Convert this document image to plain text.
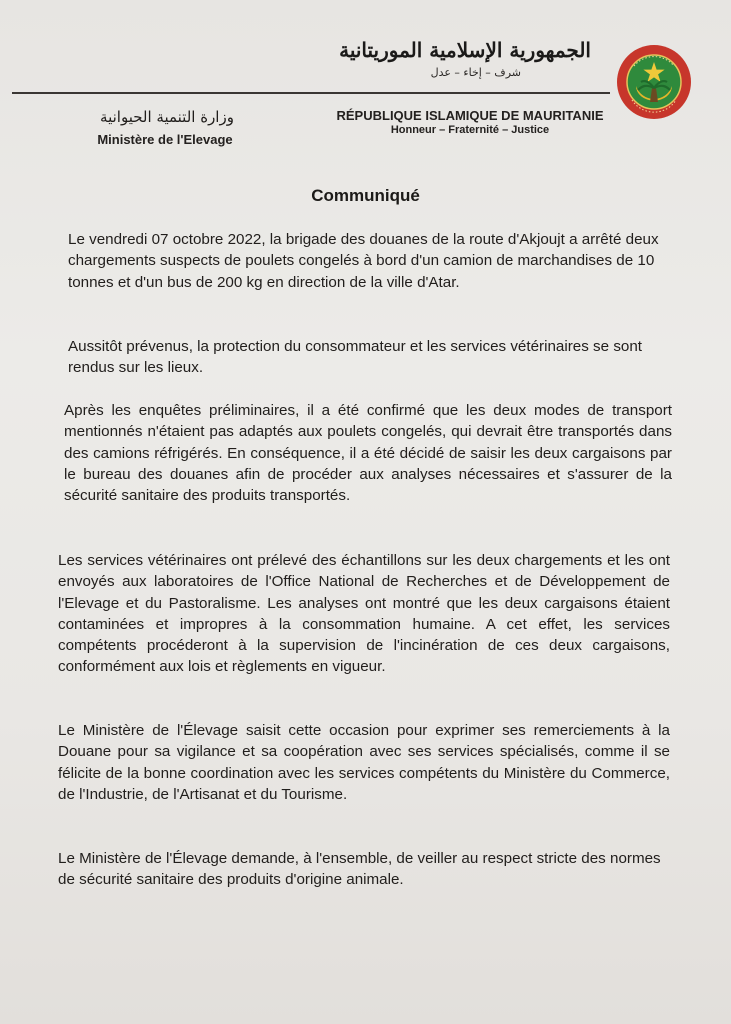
الجمهورية الإسلامية الموريتانية
شرف – إخاء – عدل
وزارة التنمية الحيوانية
Ministère de l'Elevage
RÉPUBLIQUE ISLAMIQUE DE MAURITANIE
Honneur – Fraternité – Justice
Communiqué

Le vendredi 07 octobre 2022, la brigade des douanes de la route d'Akjoujt a arrêté deux chargements suspects de poulets congelés à bord d'un camion de marchandises de 10 tonnes et d'un bus de 200 kg en direction de la ville d'Atar.

Aussitôt prévenus, la protection du consommateur et les services vétérinaires se sont rendus sur les lieux.

Après les enquêtes préliminaires, il a été confirmé que les deux modes de transport mentionnés n'étaient pas adaptés aux poulets congelés, qui devrait être transportés dans des camions réfrigérés. En conséquence, il a été décidé de saisir les deux cargaisons par le bureau des douanes afin de procéder aux analyses nécessaires et s'assurer de la sécurité sanitaire des produits transportés.

Les services vétérinaires ont prélevé des échantillons sur les deux chargements et les ont envoyés aux laboratoires de l'Office National de Recherches et de Développement de l'Elevage et du Pastoralisme. Les analyses ont montré que les deux cargaisons étaient contaminées et impropres à la consommation humaine. A cet effet, les services compétents procéderont à la supervision de l'incinération de ces deux cargaisons, conformément aux lois et règlements en vigueur.

Le Ministère de l'Élevage saisit cette occasion pour exprimer ses remerciements à la Douane pour sa vigilance et sa coopération avec ses services spécialisés, comme il se félicite de la bonne coordination avec les services compétents du Ministère du Commerce, de l'Industrie, de l'Artisanat et du Tourisme.

Le Ministère de l'Élevage demande, à l'ensemble, de veiller au respect stricte des normes de sécurité sanitaire des produits d'origine animale.
